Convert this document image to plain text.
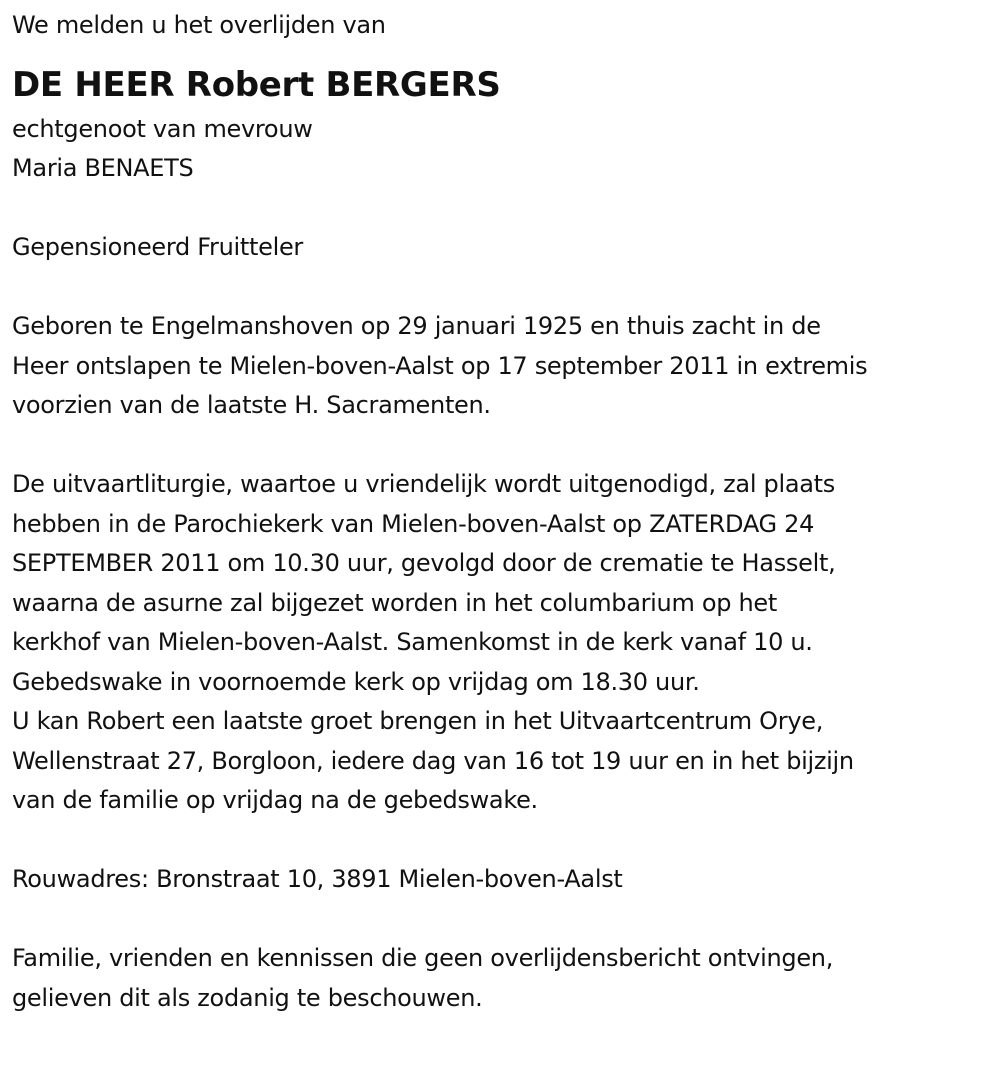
We melden u het overlijden van

DE HEER Robert BERGERS

echtgenoot van mevrouw

Maria BENAETS

Gepensioneerd Fruitteler

Geboren te Engelmanshoven op 29 januari 1925 en thuis zacht in de

Heer ontslapen te Mielen-boven-Aalst op 17 september 2011 in extremis

voorzien van de laatste H. Sacramenten.

De uitvaartliturgie, waartoe u vriendelijk wordt uitgenodigd, zal plaats

hebben in de Parochiekerk van Mielen-boven-Aalst op ZATERDAG 24

SEPTEMBER 2011 om 10.30 uur, gevolgd door de crematie te Hasselt,

waarna de asurne zal bijgezet worden in het columbarium op het

kerkhof van Mielen-boven-Aalst. Samenkomst in de kerk vanaf 10 u.

Gebedswake in voornoemde kerk op vrijdag om 18.30 uur.

U kan Robert een laatste groet brengen in het Uitvaartcentrum Orye,

Wellenstraat 27, Borgloon, iedere dag van 16 tot 19 uur en in het bijzijn

van de familie op vrijdag na de gebedswake.

Rouwadres: Bronstraat 10, 3891 Mielen-boven-Aalst

Familie, vrienden en kennissen die geen overlijdensbericht ontvingen,

gelieven dit als zodanig te beschouwen.
